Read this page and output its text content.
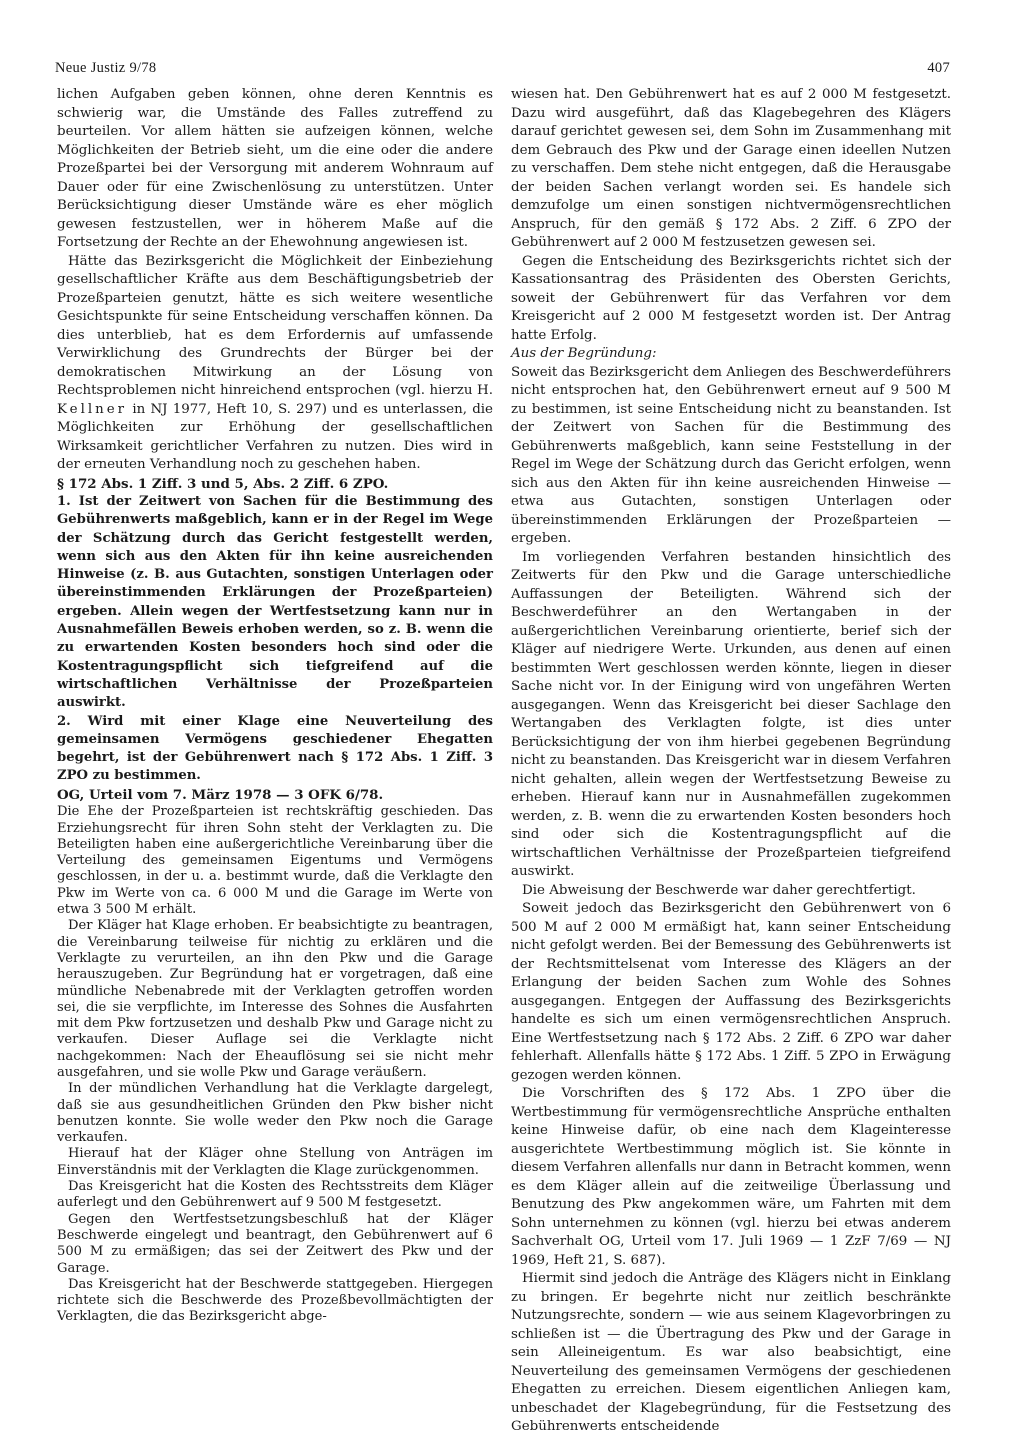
Neue Justiz 9/78	407

lichen Aufgaben geben können, ohne deren Kenntnis es schwierig war, die Umstände des Falles zutreffend zu beurteilen. Vor allem hätten sie aufzeigen können, welche Möglichkeiten der Betrieb sieht, um die eine oder die andere Prozeßpartei bei der Versorgung mit anderem Wohnraum auf Dauer oder für eine Zwischenlösung zu unterstützen. Unter Berücksichtigung dieser Umstände wäre es eher möglich gewesen festzustellen, wer in höherem Maße auf die Fortsetzung der Rechte an der Ehewohnung angewiesen ist.

Hätte das Bezirksgericht die Möglichkeit der Einbeziehung gesellschaftlicher Kräfte aus dem Beschäftigungsbetrieb der Prozeßparteien genutzt, hätte es sich weitere wesentliche Gesichtspunkte für seine Entscheidung verschaffen können. Da dies unterblieb, hat es dem Erfordernis auf umfassende Verwirklichung des Grundrechts der Bürger bei der demokratischen Mitwirkung an der Lösung von Rechtsproblemen nicht hinreichend entsprochen (vgl. hierzu H. Kellner in NJ 1977, Heft 10, S. 297) und es unterlassen, die Möglichkeiten zur Erhöhung der gesellschaftlichen Wirksamkeit gerichtlicher Verfahren zu nutzen. Dies wird in der erneuten Verhandlung noch zu geschehen haben.

§ 172 Abs. 1 Ziff. 3 und 5, Abs. 2 Ziff. 6 ZPO.

1. Ist der Zeitwert von Sachen für die Bestimmung des Gebührenwerts maßgeblich, kann er in der Regel im Wege der Schätzung durch das Gericht festgestellt werden, wenn sich aus den Akten für ihn keine ausreichenden Hinweise (z. B. aus Gutachten, sonstigen Unterlagen oder übereinstimmenden Erklärungen der Prozeßparteien) ergeben. Allein wegen der Wertfestsetzung kann nur in Ausnahmefällen Beweis erhoben werden, so z. B. wenn die zu erwartenden Kosten besonders hoch sind oder die Kostentragungspflicht sich tiefgreifend auf die wirtschaftlichen Verhältnisse der Prozeßparteien auswirkt.

2. Wird mit einer Klage eine Neuverteilung des gemeinsamen Vermögens geschiedener Ehegatten begehrt, ist der Gebührenwert nach § 172 Abs. 1 Ziff. 3 ZPO zu bestimmen.

OG, Urteil vom 7. März 1978 — 3 OFK 6/78.

Die Ehe der Prozeßparteien ist rechtskräftig geschieden. Das Erziehungsrecht für ihren Sohn steht der Verklagten zu. Die Beteiligten haben eine außergerichtliche Vereinbarung über die Verteilung des gemeinsamen Eigentums und Vermögens geschlossen, in der u. a. bestimmt wurde, daß die Verklagte den Pkw im Werte von ca. 6 000 M und die Garage im Werte von etwa 3 500 M erhält.

Der Kläger hat Klage erhoben. Er beabsichtigte zu beantragen, die Vereinbarung teilweise für nichtig zu erklären und die Verklagte zu verurteilen, an ihn den Pkw und die Garage herauszugeben. Zur Begründung hat er vorgetragen, daß eine mündliche Nebenabrede mit der Verklagten getroffen worden sei, die sie verpflichte, im Interesse des Sohnes die Ausfahrten mit dem Pkw fortzusetzen und deshalb Pkw und Garage nicht zu verkaufen. Dieser Auflage sei die Verklagte nicht nachgekommen: Nach der Eheauflösung sei sie nicht mehr ausgefahren, und sie wolle Pkw und Garage veräußern.

In der mündlichen Verhandlung hat die Verklagte dargelegt, daß sie aus gesundheitlichen Gründen den Pkw bisher nicht benutzen konnte. Sie wolle weder den Pkw noch die Garage verkaufen.

Hierauf hat der Kläger ohne Stellung von Anträgen im Einverständnis mit der Verklagten die Klage zurückgenommen.

Das Kreisgericht hat die Kosten des Rechtsstreits dem Kläger auferlegt und den Gebührenwert auf 9 500 M festgesetzt.

Gegen den Wertfestsetzungsbeschluß hat der Kläger Beschwerde eingelegt und beantragt, den Gebührenwert auf 6 500 M zu ermäßigen; das sei der Zeitwert des Pkw und der Garage.

Das Kreisgericht hat der Beschwerde stattgegeben. Hiergegen richtete sich die Beschwerde des Prozeßbevollmächtigten der Verklagten, die das Bezirksgericht abge-

wiesen hat. Den Gebührenwert hat es auf 2 000 M festgesetzt. Dazu wird ausgeführt, daß das Klagebegehren des Klägers darauf gerichtet gewesen sei, dem Sohn im Zusammenhang mit dem Gebrauch des Pkw und der Garage einen ideellen Nutzen zu verschaffen. Dem stehe nicht entgegen, daß die Herausgabe der beiden Sachen verlangt worden sei. Es handele sich demzufolge um einen sonstigen nichtvermögensrechtlichen Anspruch, für den gemäß § 172 Abs. 2 Ziff. 6 ZPO der Gebührenwert auf 2 000 M festzusetzen gewesen sei.

Gegen die Entscheidung des Bezirksgerichts richtet sich der Kassationsantrag des Präsidenten des Obersten Gerichts, soweit der Gebührenwert für das Verfahren vor dem Kreisgericht auf 2 000 M festgesetzt worden ist. Der Antrag hatte Erfolg.

Aus der Begründung:

Soweit das Bezirksgericht dem Anliegen des Beschwerdeführers nicht entsprochen hat, den Gebührenwert erneut auf 9 500 M zu bestimmen, ist seine Entscheidung nicht zu beanstanden. Ist der Zeitwert von Sachen für die Bestimmung des Gebührenwerts maßgeblich, kann seine Feststellung in der Regel im Wege der Schätzung durch das Gericht erfolgen, wenn sich aus den Akten für ihn keine ausreichenden Hinweise — etwa aus Gutachten, sonstigen Unterlagen oder übereinstimmenden Erklärungen der Prozeßparteien — ergeben.

Im vorliegenden Verfahren bestanden hinsichtlich des Zeitwerts für den Pkw und die Garage unterschiedliche Auffassungen der Beteiligten. Während sich der Beschwerdeführer an den Wertangaben in der außergerichtlichen Vereinbarung orientierte, berief sich der Kläger auf niedrigere Werte. Urkunden, aus denen auf einen bestimmten Wert geschlossen werden könnte, liegen in dieser Sache nicht vor. In der Einigung wird von ungefähren Werten ausgegangen. Wenn das Kreisgericht bei dieser Sachlage den Wertangaben des Verklagten folgte, ist dies unter Berücksichtigung der von ihm hierbei gegebenen Begründung nicht zu beanstanden. Das Kreisgericht war in diesem Verfahren nicht gehalten, allein wegen der Wertfestsetzung Beweise zu erheben. Hierauf kann nur in Ausnahmefällen zugekommen werden, z. B. wenn die zu erwartenden Kosten besonders hoch sind oder sich die Kostentragungspflicht auf die wirtschaftlichen Verhältnisse der Prozeßparteien tiefgreifend auswirkt.

Die Abweisung der Beschwerde war daher gerechtfertigt.

Soweit jedoch das Bezirksgericht den Gebührenwert von 6 500 M auf 2 000 M ermäßigt hat, kann seiner Entscheidung nicht gefolgt werden. Bei der Bemessung des Gebührenwerts ist der Rechtsmittelsenat vom Interesse des Klägers an der Erlangung der beiden Sachen zum Wohle des Sohnes ausgegangen. Entgegen der Auffassung des Bezirksgerichts handelte es sich um einen vermögensrechtlichen Anspruch. Eine Wertfestsetzung nach § 172 Abs. 2 Ziff. 6 ZPO war daher fehlerhaft. Allenfalls hätte § 172 Abs. 1 Ziff. 5 ZPO in Erwägung gezogen werden können.

Die Vorschriften des § 172 Abs. 1 ZPO über die Wertbestimmung für vermögensrechtliche Ansprüche enthalten keine Hinweise dafür, ob eine nach dem Klageinteresse ausgerichtete Wertbestimmung möglich ist. Sie könnte in diesem Verfahren allenfalls nur dann in Betracht kommen, wenn es dem Kläger allein auf die zeitweilige Überlassung und Benutzung des Pkw angekommen wäre, um Fahrten mit dem Sohn unternehmen zu können (vgl. hierzu bei etwas anderem Sachverhalt OG, Urteil vom 17. Juli 1969 — 1 ZzF 7/69 — NJ 1969, Heft 21, S. 687).

Hiermit sind jedoch die Anträge des Klägers nicht in Einklang zu bringen. Er begehrte nicht nur zeitlich beschränkte Nutzungsrechte, sondern — wie aus seinem Klagevorbringen zu schließen ist — die Übertragung des Pkw und der Garage in sein Alleineigentum. Es war also beabsichtigt, eine Neuverteilung des gemeinsamen Vermögens der geschiedenen Ehegatten zu erreichen. Diesem eigentlichen Anliegen kam, unbeschadet der Klagebegründung, für die Festsetzung des Gebührenwerts entscheidende
